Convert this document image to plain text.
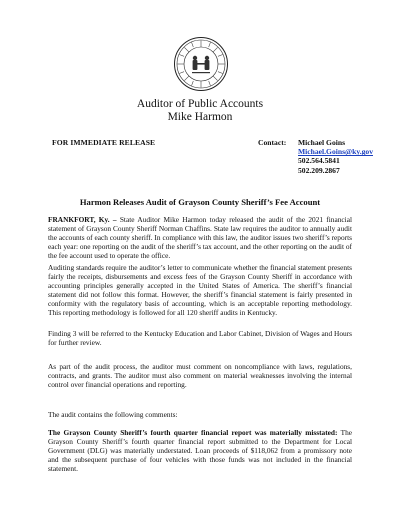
Auditor of Public Accounts
Mike Harmon
FOR IMMEDIATE RELEASE	Contact: Michael Goins
Michael.Goins@ky.gov
502.564.5841
502.209.2867
Harmon Releases Audit of Grayson County Sheriff’s Fee Account

FRANKFORT, Ky. – State Auditor Mike Harmon today released the audit of the 2021 financial statement of Grayson County Sheriff Norman Chaffins. State law requires the auditor to annually audit the accounts of each county sheriff. In compliance with this law, the auditor issues two sheriff’s reports each year: one reporting on the audit of the sheriff’s tax account, and the other reporting on the audit of the fee account used to operate the office.

Auditing standards require the auditor’s letter to communicate whether the financial statement presents fairly the receipts, disbursements and excess fees of the Grayson County Sheriff in accordance with accounting principles generally accepted in the United States of America. The sheriff’s financial statement did not follow this format. However, the sheriff’s financial statement is fairly presented in conformity with the regulatory basis of accounting, which is an acceptable reporting methodology. This reporting methodology is followed for all 120 sheriff audits in Kentucky.

Finding 3 will be referred to the Kentucky Education and Labor Cabinet, Division of Wages and Hours for further review.

As part of the audit process, the auditor must comment on noncompliance with laws, regulations, contracts, and grants. The auditor must also comment on material weaknesses involving the internal control over financial operations and reporting.

The audit contains the following comments:

The Grayson County Sheriff’s fourth quarter financial report was materially misstated: The Grayson County Sheriff’s fourth quarter financial report submitted to the Department for Local Government (DLG) was materially understated. Loan proceeds of $118,062 from a promissory note and the subsequent purchase of four vehicles with those funds was not included in the financial statement.
